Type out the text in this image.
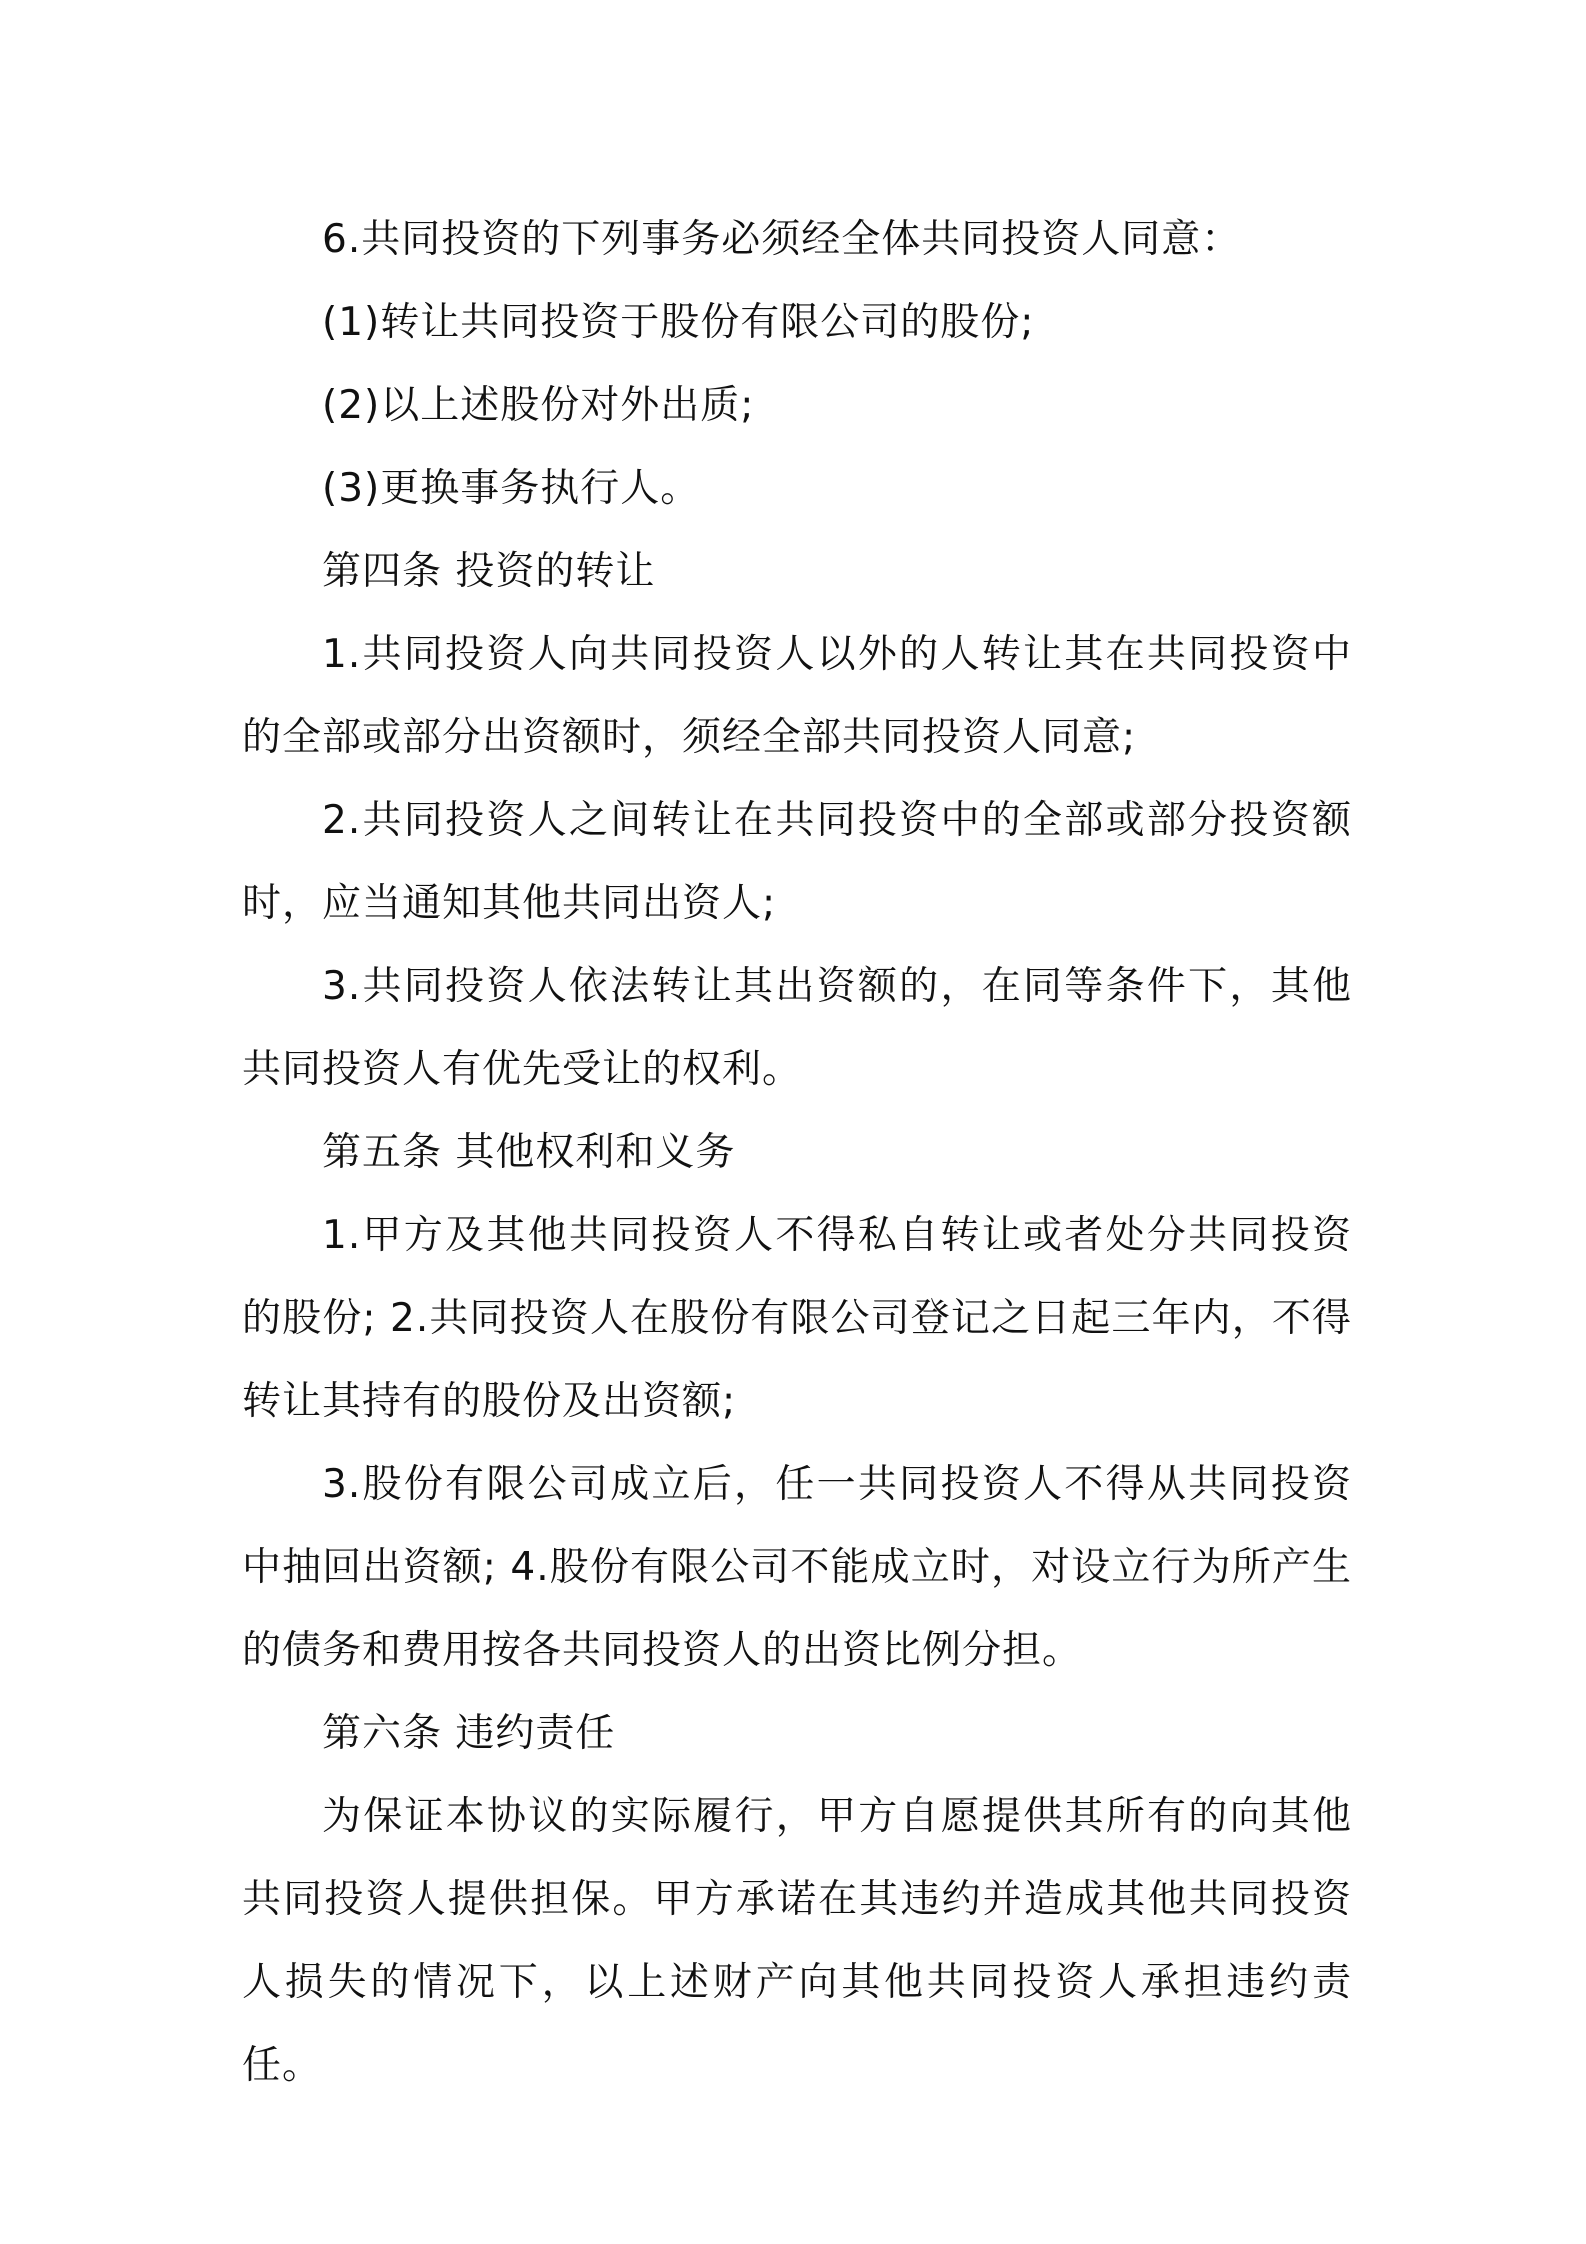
6.共同投资的下列事务必须经全体共同投资人同意：

(1)转让共同投资于股份有限公司的股份;

(2)以上述股份对外出质;

(3)更换事务执行人。

第四条 投资的转让

1.共同投资人向共同投资人以外的人转让其在共同投资中的全部或部分出资额时，须经全部共同投资人同意;

2.共同投资人之间转让在共同投资中的全部或部分投资额时，应当通知其他共同出资人;

3.共同投资人依法转让其出资额的，在同等条件下，其他共同投资人有优先受让的权利。

第五条 其他权利和义务

1.甲方及其他共同投资人不得私自转让或者处分共同投资的股份; 2.共同投资人在股份有限公司登记之日起三年内，不得转让其持有的股份及出资额;

3.股份有限公司成立后，任一共同投资人不得从共同投资中抽回出资额; 4.股份有限公司不能成立时，对设立行为所产生的债务和费用按各共同投资人的出资比例分担。

第六条 违约责任

为保证本协议的实际履行，甲方自愿提供其所有的向其他共同投资人提供担保。甲方承诺在其违约并造成其他共同投资人损失的情况下，以上述财产向其他共同投资人承担违约责任。
